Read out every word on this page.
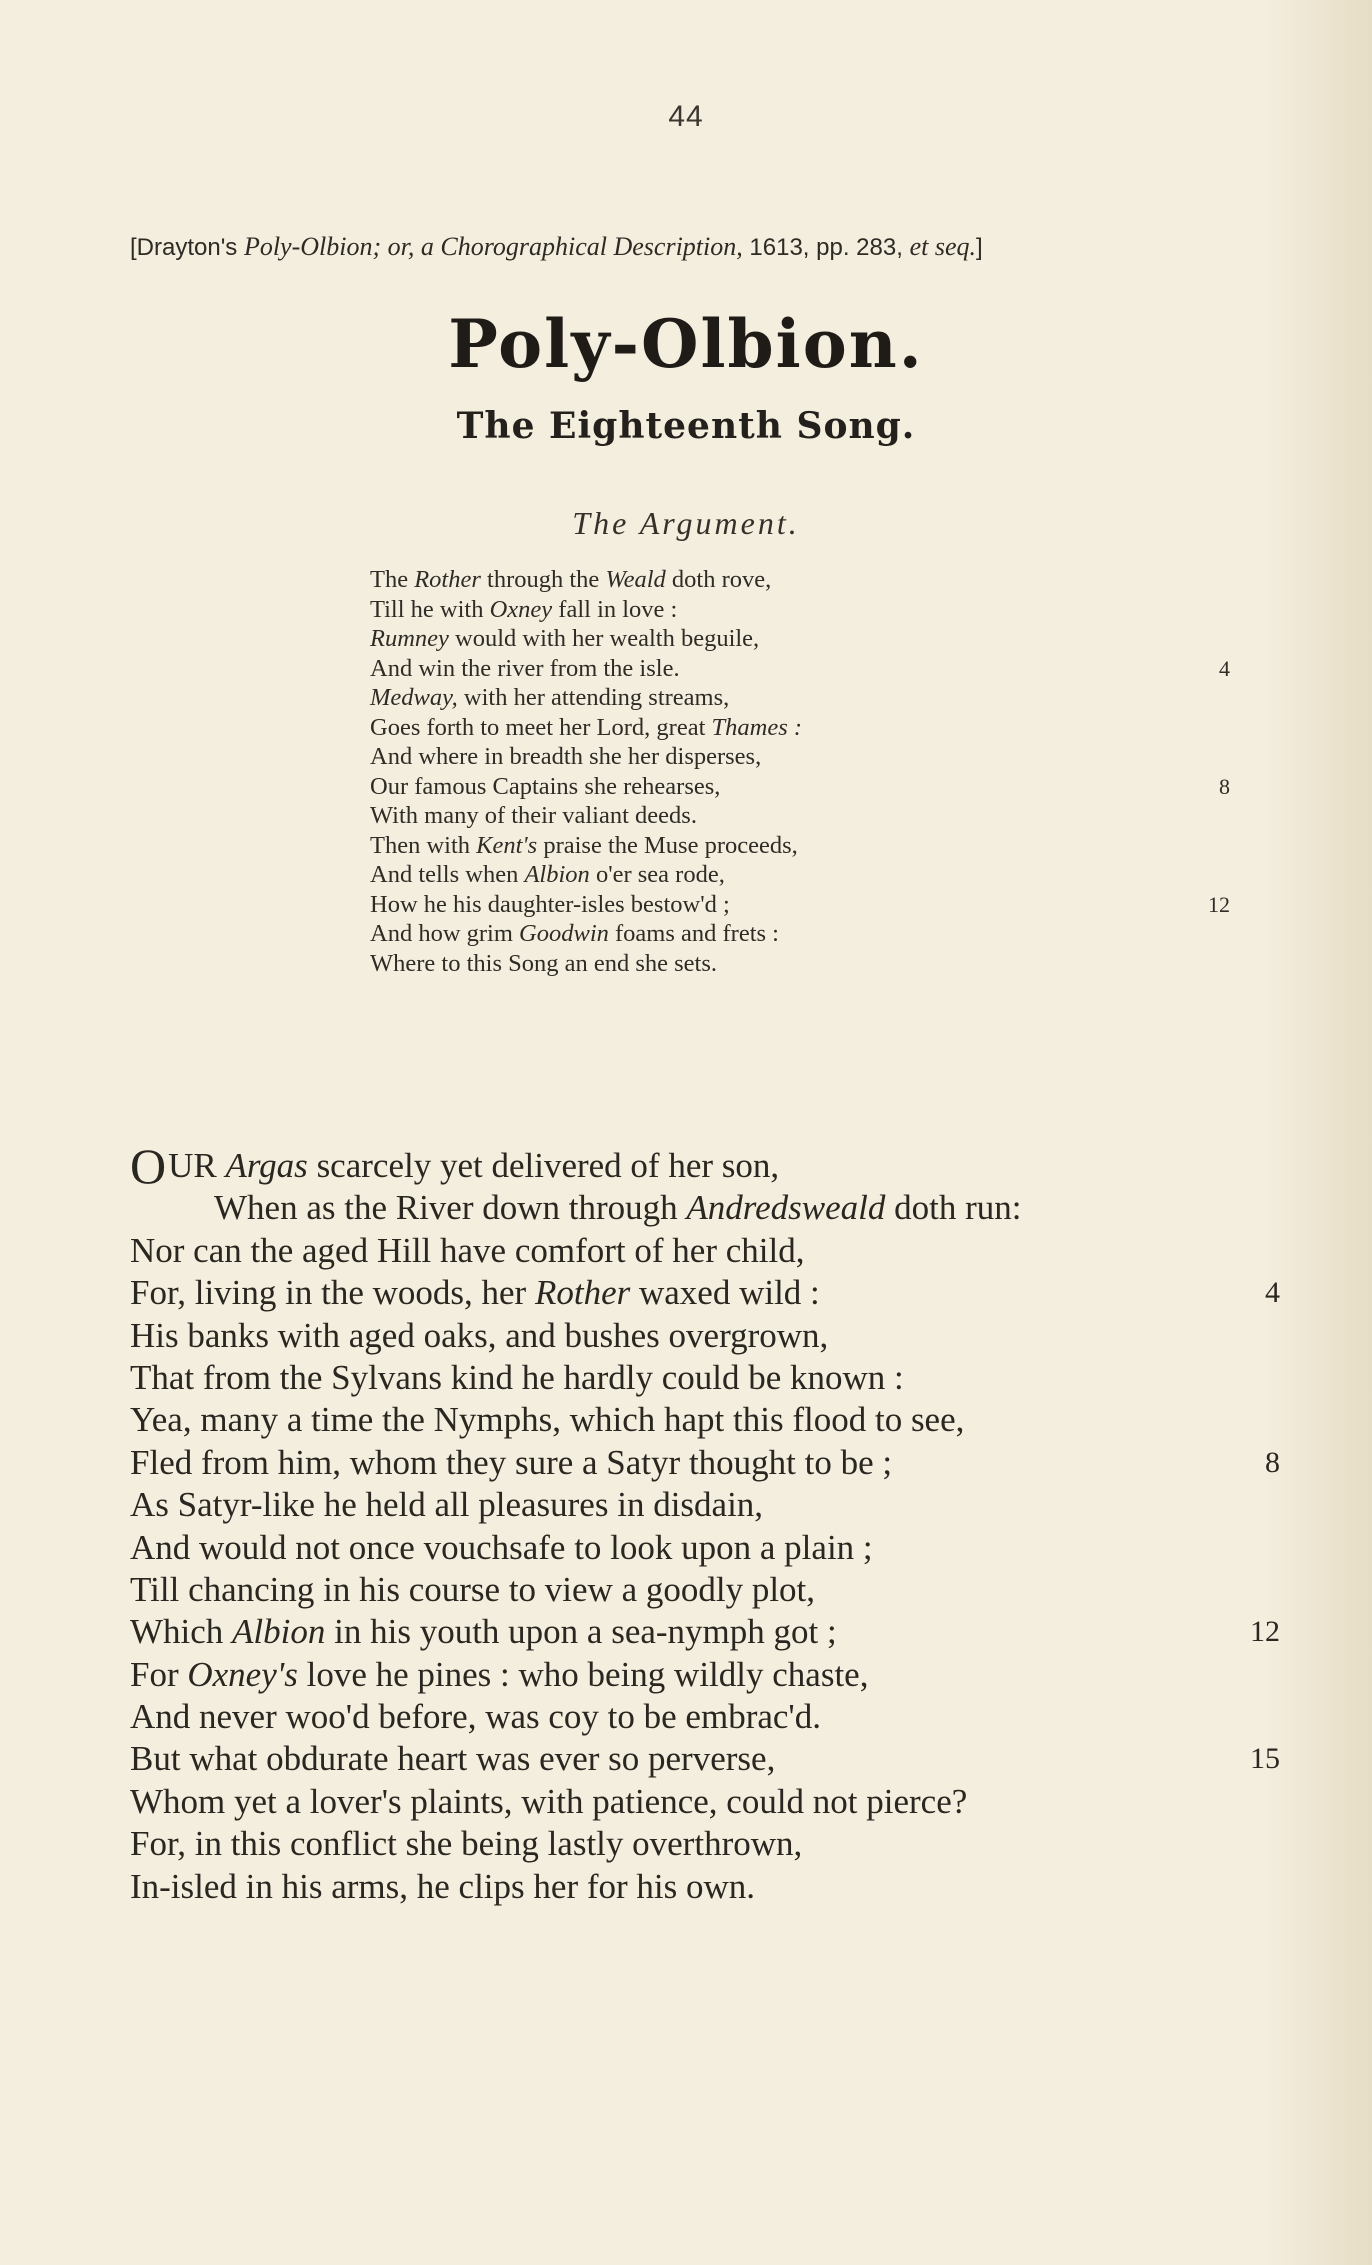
44
[Drayton's Poly-Olbion; or, a Chorographical Description, 1613, pp. 283, et seq.]
Poly-Olbion.
The Eighteenth Song.
The Argument.
The Rother through the Weald doth rove,
Till he with Oxney fall in love :
Rumney would with her wealth beguile,
And win the river from the isle.	4
Medway, with her attending streams,
Goes forth to meet her Lord, great Thames :
And where in breadth she her disperses,
Our famous Captains she rehearses,	8
With many of their valiant deeds.
Then with Kent's praise the Muse proceeds,
And tells when Albion o'er sea rode,
How he his daughter-isles bestow'd ;	12
And how grim Goodwin foams and frets :
Where to this Song an end she sets.
OUR Argas scarcely yet delivered of her son,
When as the River down through Andredsweald doth run:
Nor can the aged Hill have comfort of her child,
For, living in the woods, her Rother waxed wild :	4
His banks with aged oaks, and bushes overgrown,
That from the Sylvans kind he hardly could be known :
Yea, many a time the Nymphs, which hapt this flood to see,
Fled from him, whom they sure a Satyr thought to be ;	8
As Satyr-like he held all pleasures in disdain,
And would not once vouchsafe to look upon a plain ;
Till chancing in his course to view a goodly plot,
Which Albion in his youth upon a sea-nymph got ;	12
For Oxney's love he pines : who being wildly chaste,
And never woo'd before, was coy to be embrac'd.
But what obdurate heart was ever so perverse,	15
Whom yet a lover's plaints, with patience, could not pierce?
For, in this conflict she being lastly overthrown,
In-isled in his arms, he clips her for his own.
